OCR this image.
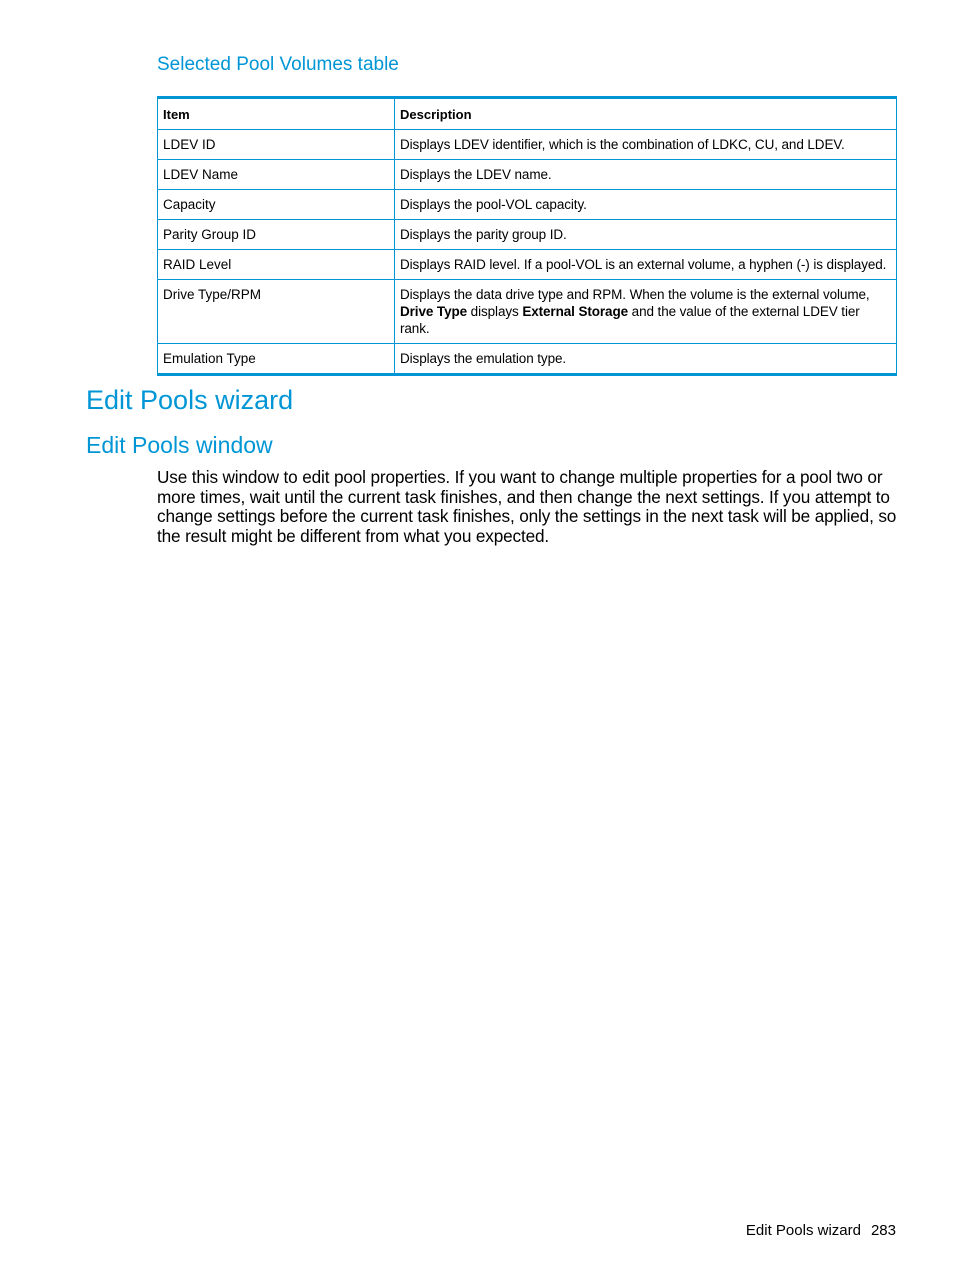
Selected Pool Volumes table
Item	Description
LDEV ID	Displays LDEV identifier, which is the combination of LDKC, CU, and LDEV.
LDEV Name	Displays the LDEV name.
Capacity	Displays the pool-VOL capacity.
Parity Group ID	Displays the parity group ID.
RAID Level	Displays RAID level. If a pool-VOL is an external volume, a hyphen (-) is displayed.
Drive Type/RPM	Displays the data drive type and RPM. When the volume is the external volume, Drive Type displays External Storage and the value of the external LDEV tier rank.
Emulation Type	Displays the emulation type.
Edit Pools wizard
Edit Pools window

Use this window to edit pool properties. If you want to change multiple properties for a pool two or more times, wait until the current task finishes, and then change the next settings. If you attempt to change settings before the current task finishes, only the settings in the next task will be applied, so the result might be different from what you expected.

Edit Pools wizard 283
